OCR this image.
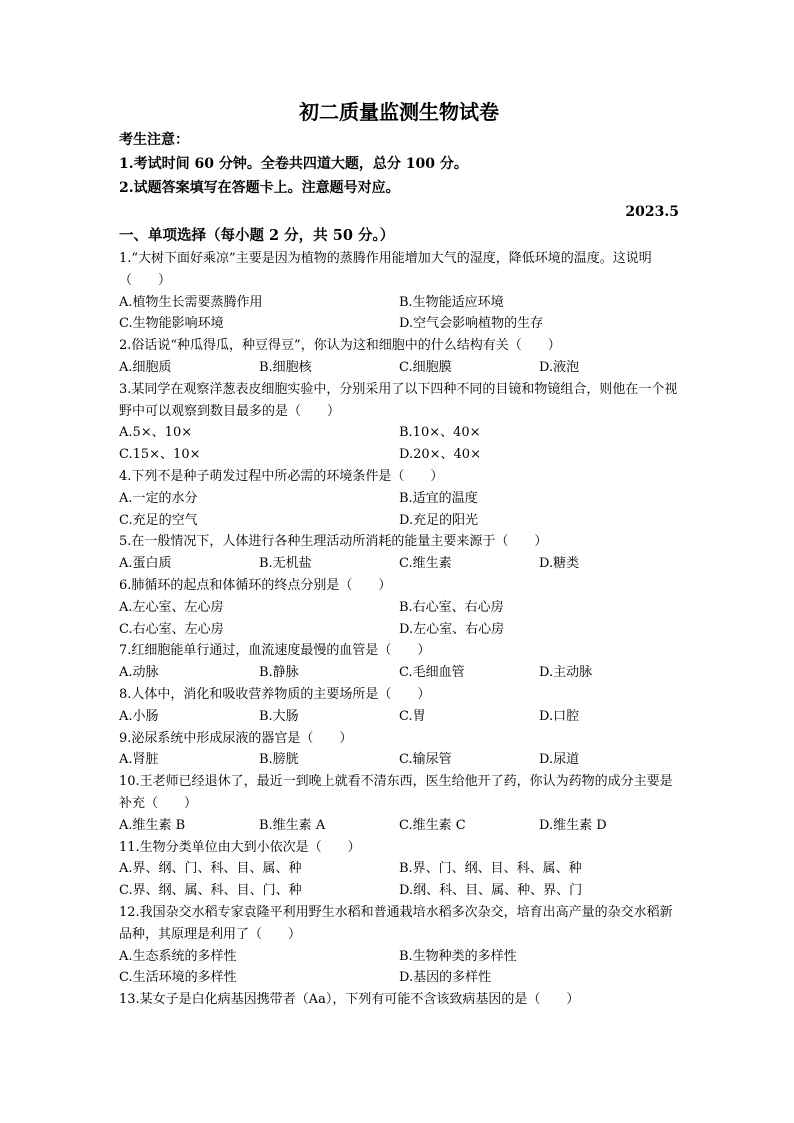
初二质量监测生物试卷
考生注意：
1.考试时间 60 分钟。全卷共四道大题，总分 100 分。
2.试题答案填写在答题卡上。注意题号对应。
2023.5
一、单项选择（每小题 2 分，共 50 分。）
1.“大树下面好乘凉”主要是因为植物的蒸腾作用能增加大气的湿度，降低环境的温度。这说明（　　）
A.植物生长需要蒸腾作用	B.生物能适应环境
C.生物能影响环境	D.空气会影响植物的生存
2.俗话说“种瓜得瓜，种豆得豆”，你认为这和细胞中的什么结构有关（　　）
A.细胞质	B.细胞核	C.细胞膜	D.液泡
3.某同学在观察洋葱表皮细胞实验中，分别采用了以下四种不同的目镜和物镜组合，则他在一个视野中可以观察到数目最多的是（　　）
A.5×、10×	B.10×、40×
C.15×、10×	D.20×、40×
4.下列不是种子萌发过程中所必需的环境条件是（　　）
A.一定的水分	B.适宜的温度
C.充足的空气	D.充足的阳光
5.在一般情况下，人体进行各种生理活动所消耗的能量主要来源于（　　）
A.蛋白质	B.无机盐	C.维生素	D.糖类
6.肺循环的起点和体循环的终点分别是（　　）
A.左心室、左心房	B.右心室、右心房
C.右心室、左心房	D.左心室、右心房
7.红细胞能单行通过，血流速度最慢的血管是（　　）
A.动脉	B.静脉	C.毛细血管	D.主动脉
8.人体中，消化和吸收营养物质的主要场所是（　　）
A.小肠	B.大肠	C.胃	D.口腔
9.泌尿系统中形成尿液的器官是（　　）
A.肾脏	B.膀胱	C.输尿管	D.尿道
10.王老师已经退休了，最近一到晚上就看不清东西，医生给他开了药，你认为药物的成分主要是补充（　　）
A.维生素 B	B.维生素 A	C.维生素 C	D.维生素 D
11.生物分类单位由大到小依次是（　　）
A.界、纲、门、科、目、属、种	B.界、门、纲、目、科、属、种
C.界、纲、属、科、目、门、种	D.纲、科、目、属、种、界、门
12.我国杂交水稻专家袁隆平利用野生水稻和普通栽培水稻多次杂交，培育出高产量的杂交水稻新品种，其原理是利用了（　　）
A.生态系统的多样性	B.生物种类的多样性
C.生活环境的多样性	D.基因的多样性
13.某女子是白化病基因携带者（Aa），下列有可能不含该致病基因的是（　　）
